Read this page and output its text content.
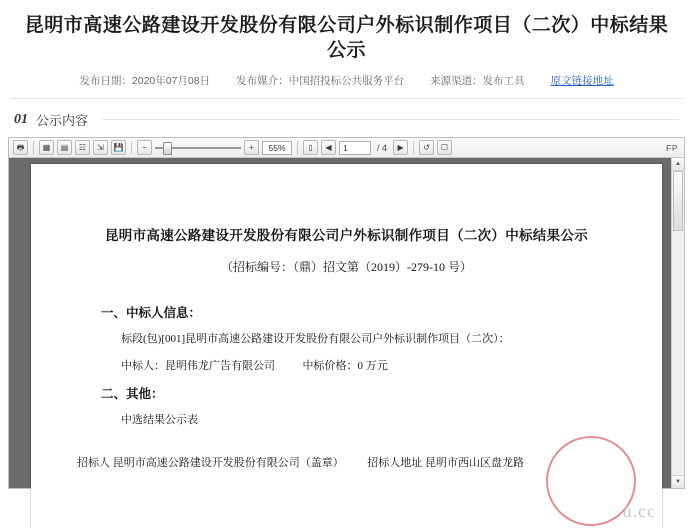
昆明市高速公路建设开发股份有限公司户外标识制作项目（二次）中标结果公示
发布日期：2020年07月08日 发布媒介：中国招投标公共服务平台 来源渠道：发布工具 原文链接地址
01 公示内容
🖶	▦	▤	☷	⇲	💾	−	+	55%	▯	◀	1	/ 4	▶	↺	☐	FP
昆明市高速公路建设开发股份有限公司户外标识制作项目（二次）中标结果公示
（招标编号：（鼎）招文第（2019）-279-10 号）
一、中标人信息：
标段(包)[001]昆明市高速公路建设开发股份有限公司户外标识制作项目（二次）：
中标人：昆明伟龙广告有限公司	中标价格：0 万元
二、其他：
中选结果公示表
招标人 昆明市高速公路建设开发股份有限公司（盖章） 招标人地址 昆明市西山区盘龙路
u.cc
▲
▼
